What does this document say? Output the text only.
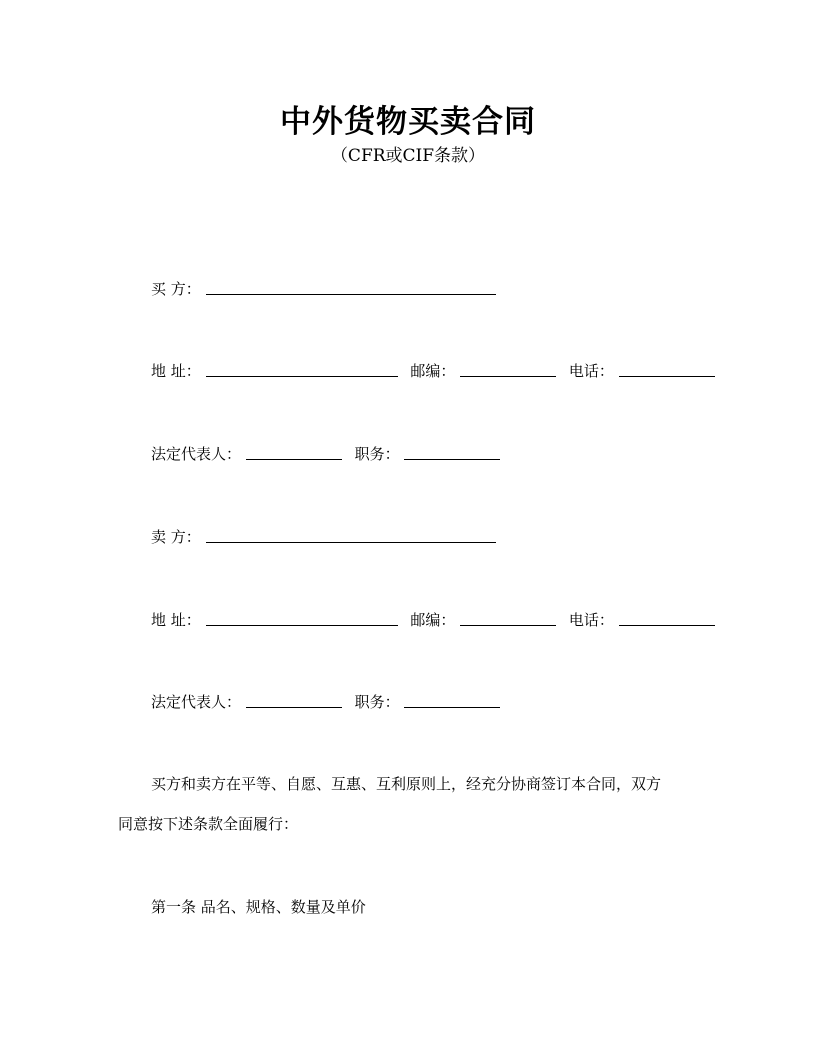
中外货物买卖合同
（CFR或CIF条款）
买 方：
地 址：	邮编：	电话：
法定代表人：	职务：
卖 方：
地 址：	邮编：	电话：
法定代表人：	职务：
买方和卖方在平等、自愿、互惠、互利原则上，经充分协商签订本合同，双方
同意按下述条款全面履行：
第一条 品名、规格、数量及单价
